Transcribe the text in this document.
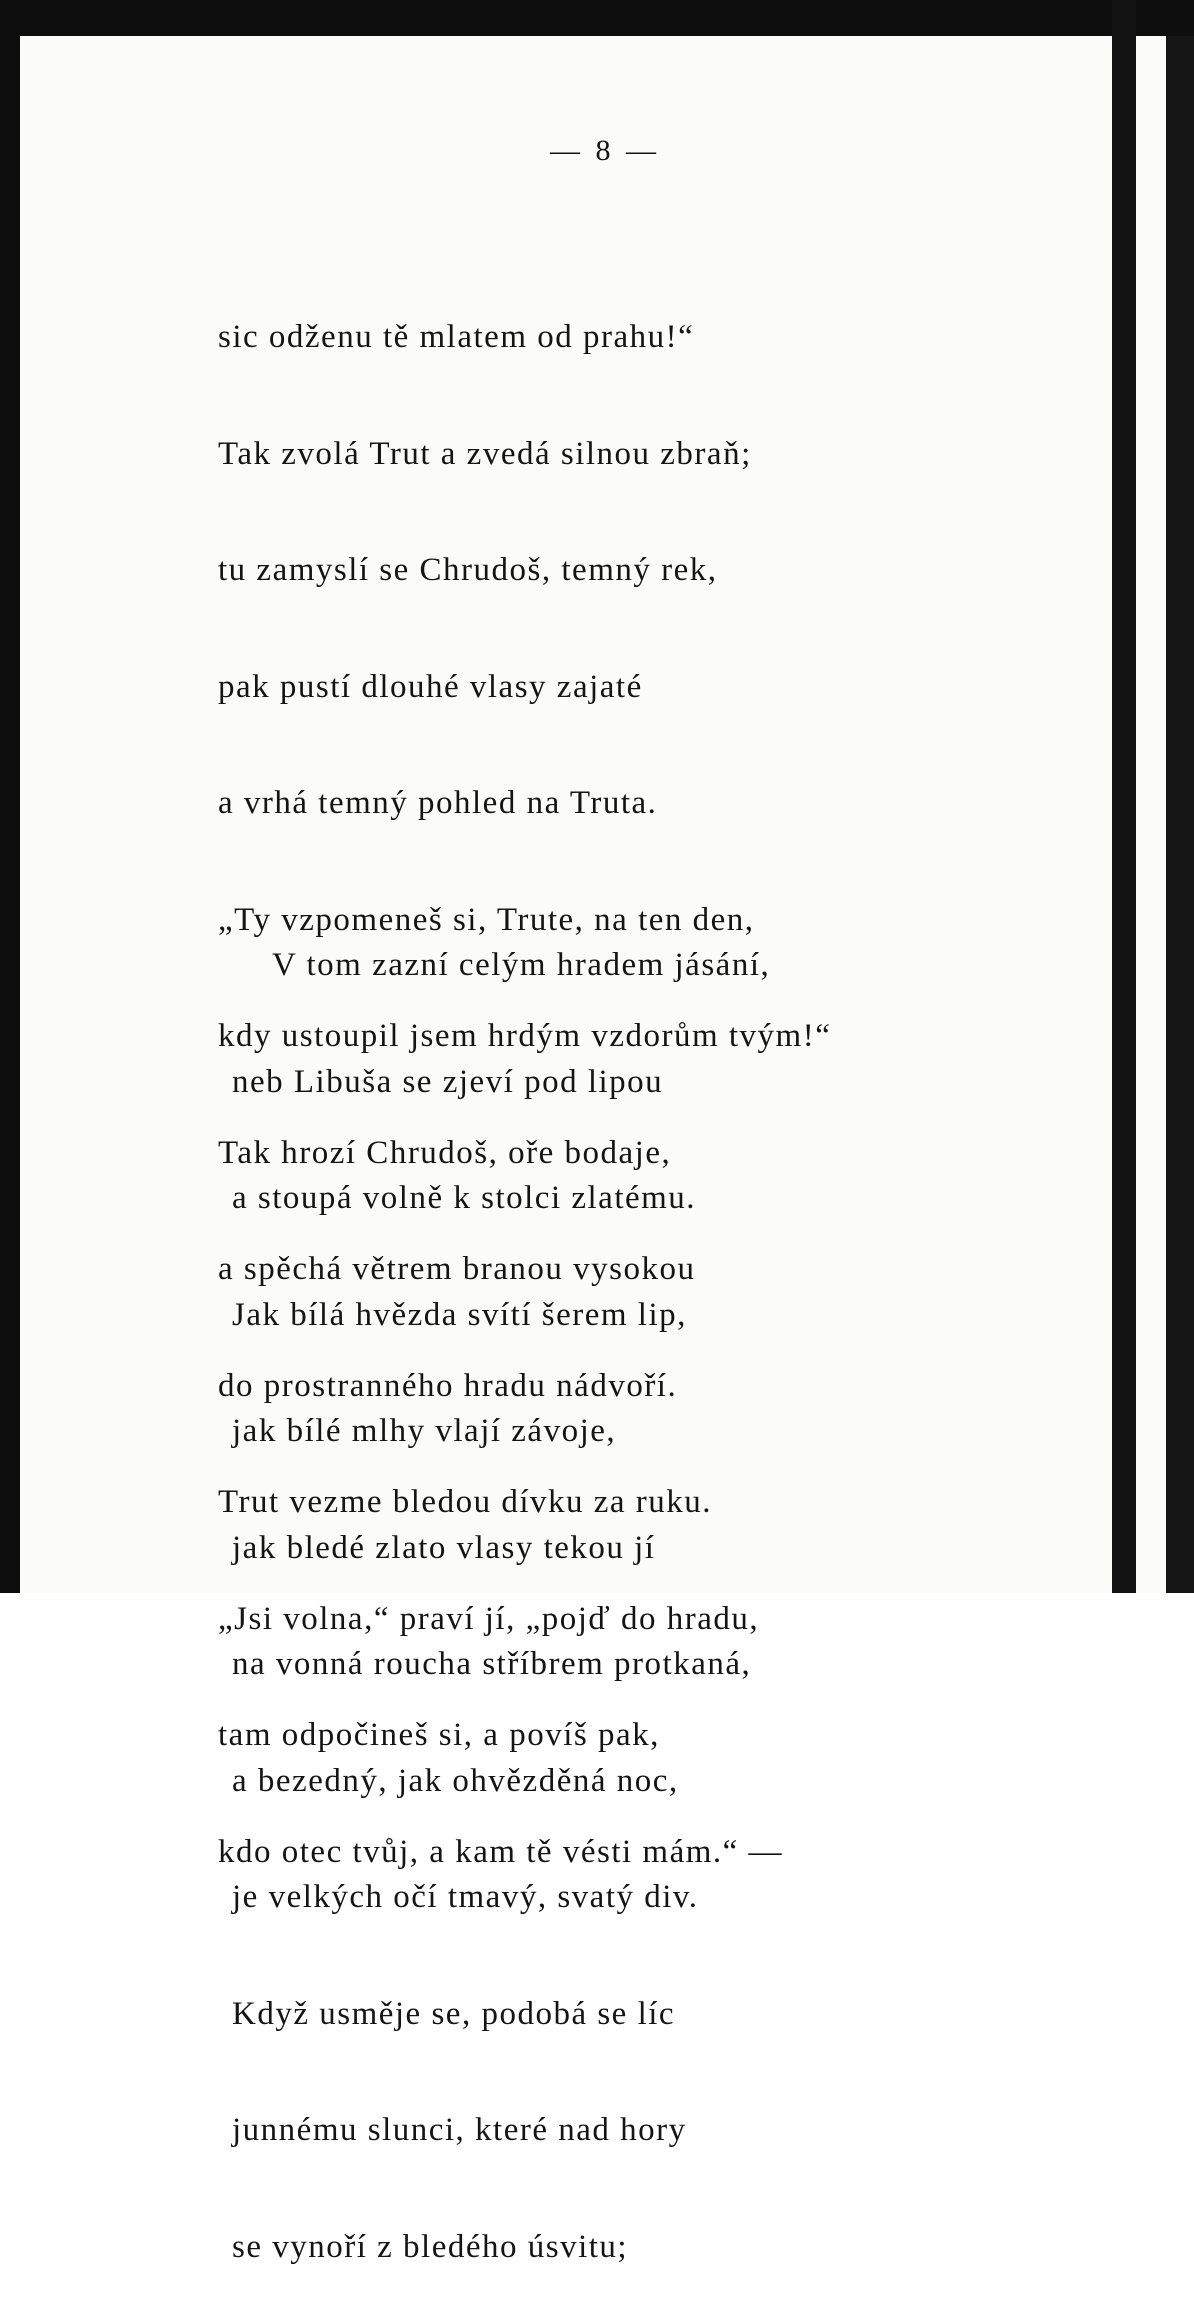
— 8 —

sic odženu tě mlatem od prahu!“

Tak zvolá Trut a zvedá silnou zbraň;

tu zamyslí se Chrudoš, temný rek,

pak pustí dlouhé vlasy zajaté

a vrhá temný pohled na Truta.

„Ty vzpomeneš si, Trute, na ten den,

kdy ustoupil jsem hrdým vzdorům tvým!“

Tak hrozí Chrudoš, oře bodaje,

a spěchá větrem branou vysokou

do prostranného hradu nádvoří.

Trut vezme bledou dívku za ruku.

„Jsi volna,“ praví jí, „pojď do hradu,

tam odpočineš si, a povíš pak,

kdo otec tvůj, a kam tě vésti mám.“ —

V tom zazní celým hradem jásání,

neb Libuša se zjeví pod lipou

a stoupá volně k stolci zlatému.

Jak bílá hvězda svítí šerem lip,

jak bílé mlhy vlají závoje,

jak bledé zlato vlasy tekou jí

na vonná roucha stříbrem protkaná,

a bezedný, jak ohvězděná noc,

je velkých očí tmavý, svatý div.

Když usměje se, podobá se líc

junnému slunci, které nad hory

se vynoří z bledého úsvitu;
